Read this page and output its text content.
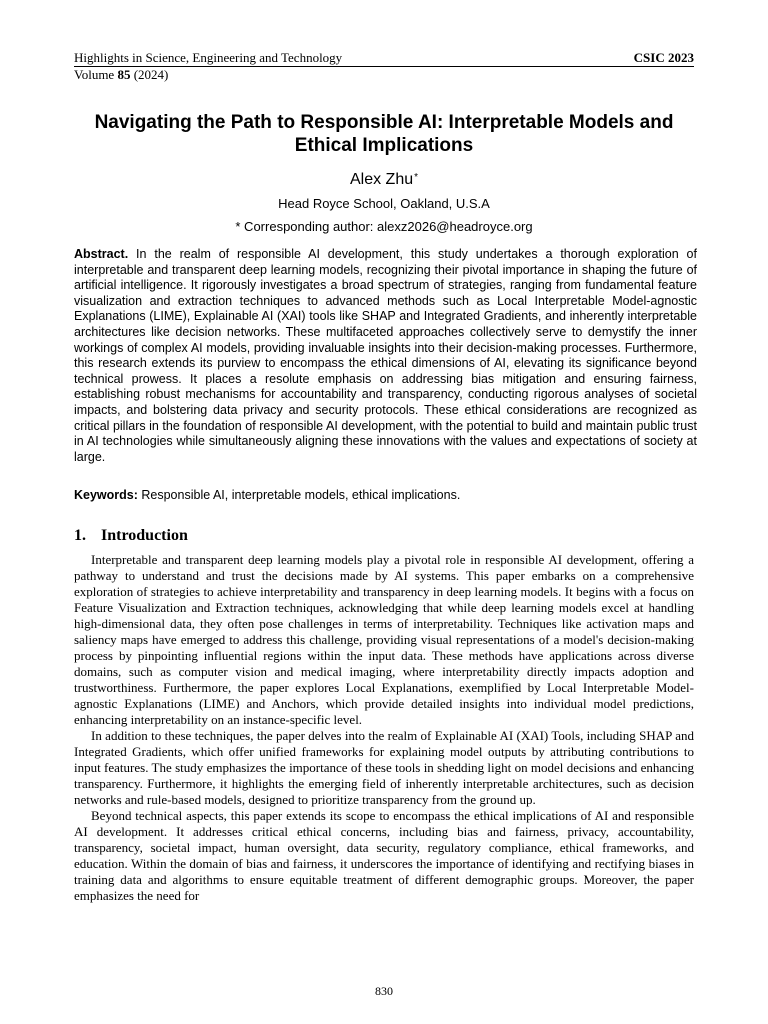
Highlights in Science, Engineering and Technology	CSIC 2023
Volume 85 (2024)
Navigating the Path to Responsible AI: Interpretable Models and Ethical Implications
Alex Zhu*
Head Royce School, Oakland, U.S.A
* Corresponding author: alexz2026@headroyce.org
Abstract. In the realm of responsible AI development, this study undertakes a thorough exploration of interpretable and transparent deep learning models, recognizing their pivotal importance in shaping the future of artificial intelligence. It rigorously investigates a broad spectrum of strategies, ranging from fundamental feature visualization and extraction techniques to advanced methods such as Local Interpretable Model-agnostic Explanations (LIME), Explainable AI (XAI) tools like SHAP and Integrated Gradients, and inherently interpretable architectures like decision networks. These multifaceted approaches collectively serve to demystify the inner workings of complex AI models, providing invaluable insights into their decision-making processes. Furthermore, this research extends its purview to encompass the ethical dimensions of AI, elevating its significance beyond technical prowess. It places a resolute emphasis on addressing bias mitigation and ensuring fairness, establishing robust mechanisms for accountability and transparency, conducting rigorous analyses of societal impacts, and bolstering data privacy and security protocols. These ethical considerations are recognized as critical pillars in the foundation of responsible AI development, with the potential to build and maintain public trust in AI technologies while simultaneously aligning these innovations with the values and expectations of society at large.
Keywords: Responsible AI, interpretable models, ethical implications.
1. Introduction

Interpretable and transparent deep learning models play a pivotal role in responsible AI development, offering a pathway to understand and trust the decisions made by AI systems. This paper embarks on a comprehensive exploration of strategies to achieve interpretability and transparency in deep learning models. It begins with a focus on Feature Visualization and Extraction techniques, acknowledging that while deep learning models excel at handling high-dimensional data, they often pose challenges in terms of interpretability. Techniques like activation maps and saliency maps have emerged to address this challenge, providing visual representations of a model's decision-making process by pinpointing influential regions within the input data. These methods have applications across diverse domains, such as computer vision and medical imaging, where interpretability directly impacts adoption and trustworthiness. Furthermore, the paper explores Local Explanations, exemplified by Local Interpretable Model-agnostic Explanations (LIME) and Anchors, which provide detailed insights into individual model predictions, enhancing interpretability on an instance-specific level.

In addition to these techniques, the paper delves into the realm of Explainable AI (XAI) Tools, including SHAP and Integrated Gradients, which offer unified frameworks for explaining model outputs by attributing contributions to input features. The study emphasizes the importance of these tools in shedding light on model decisions and enhancing transparency. Furthermore, it highlights the emerging field of inherently interpretable architectures, such as decision networks and rule-based models, designed to prioritize transparency from the ground up.

Beyond technical aspects, this paper extends its scope to encompass the ethical implications of AI and responsible AI development. It addresses critical ethical concerns, including bias and fairness, privacy, accountability, transparency, societal impact, human oversight, data security, regulatory compliance, ethical frameworks, and education. Within the domain of bias and fairness, it underscores the importance of identifying and rectifying biases in training data and algorithms to ensure equitable treatment of different demographic groups. Moreover, the paper emphasizes the need for

830
